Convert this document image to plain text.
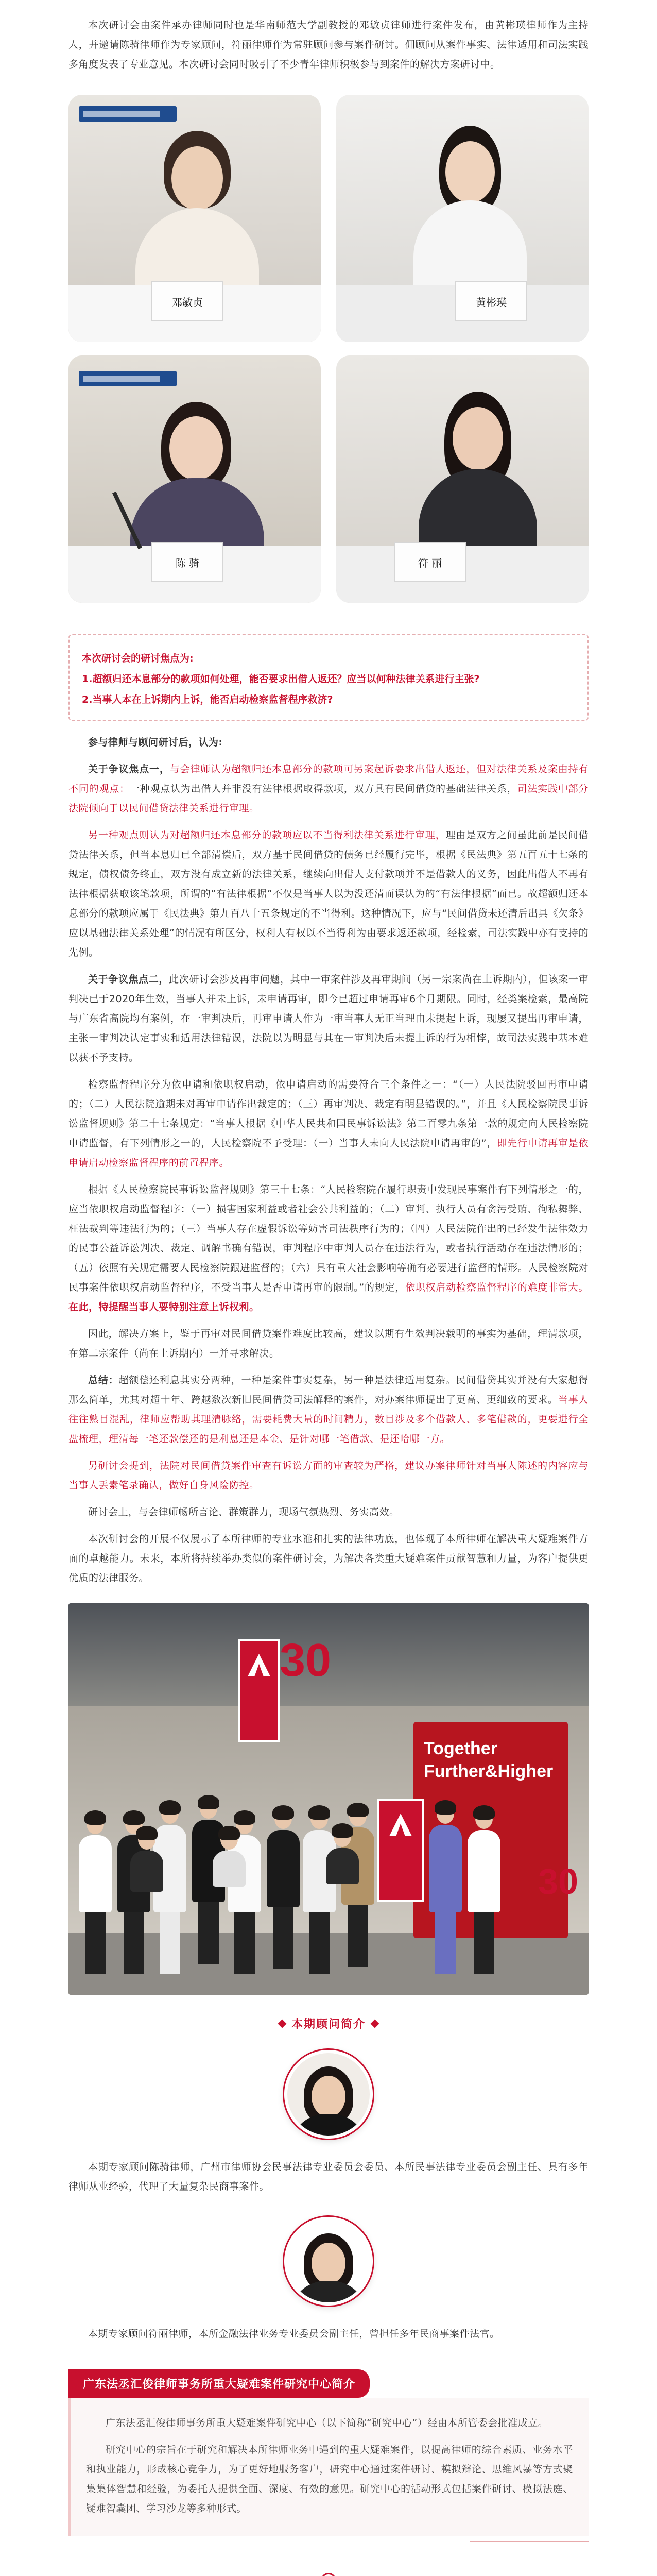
本次研讨会由案件承办律师同时也是华南师范大学副教授的邓敏贞律师进行案件发布，由黄彬瑛律师作为主持人，并邀请陈骑律师作为专家顾问，符丽律师作为常驻顾问参与案件研讨。佣顾问从案件事实、法律适用和司法实践多角度发表了专业意见。本次研讨会同时吸引了不少青年律师积极参与到案件的解决方案研讨中。

邓敏贞	黄彬瑛
陈 骑	符 丽

本次研讨会的研讨焦点为:

1.超额归还本息部分的款项如何处理，能否要求出借人返还？应当以何种法律关系进行主张?

2.当事人本在上诉期内上诉，能否启动检察监督程序救济?

参与律师与顾问研讨后，认为:

关于争议焦点一，与会律师认为超额归还本息部分的款项可另案起诉要求出借人返还，但对法律关系及案由持有不同的观点：一种观点认为出借人并非没有法律根据取得款项，双方具有民间借贷的基础法律关系，司法实践中部分法院倾向于以民间借贷法律关系进行审理。

另一种观点则认为对超额归还本息部分的款项应以不当得利法律关系进行审理，理由是双方之间虽此前是民间借贷法律关系，但当本息归已全部清偿后，双方基于民间借贷的债务已经履行完毕，根据《民法典》第五百五十七条的规定，债权债务终止，双方没有成立新的法律关系，继续向出借人支付款项并不是借款人的义务，因此出借人不再有法律根据获取该笔款项，所谓的“有法律根据”不仅是当事人以为没还清而误认为的“有法律根据”而已。故超额归还本息部分的款项应属于《民法典》第九百八十五条规定的不当得利。这种情况下，应与“民间借贷未还清后出具《欠条》应以基础法律关系处理”的情况有所区分，权利人有权以不当得利为由要求返还款项，经检索，司法实践中亦有支持的先例。

关于争议焦点二，此次研讨会涉及再审问题，其中一审案件涉及再审期间（另一宗案尚在上诉期内），但该案一审判决已于2020年生效，当事人并未上诉，未申请再审，即今已超过申请再审6个月期限。同时，经类案检索，最高院与广东省高院均有案例，在一审判决后，再审申请人作为一审当事人无正当理由未提起上诉，现屡又提出再审申请，主张一审判决认定事实和适用法律错误，法院以为明显与其在一审判决后未提上诉的行为相悖，故司法实践中基本难以获不予支持。

检察监督程序分为依申请和依职权启动，依申请启动的需要符合三个条件之一：“（一）人民法院驳回再审申请的；（二）人民法院逾期未对再审申请作出裁定的；（三）再审判决、裁定有明显错误的。”，并且《人民检察院民事诉讼监督规则》第二十七条规定：“当事人根据《中华人民共和国民事诉讼法》第二百零九条第一款的规定向人民检察院申请监督，有下列情形之一的，人民检察院不予受理：（一）当事人未向人民法院申请再审的”，即先行申请再审是依申请启动检察监督程序的前置程序。

根据《人民检察院民事诉讼监督规则》第三十七条：“人民检察院在履行职责中发现民事案件有下列情形之一的，应当依职权启动监督程序：（一）损害国家利益或者社会公共利益的；（二）审判、执行人员有贪污受贿、徇私舞弊、枉法裁判等违法行为的；（三）当事人存在虚假诉讼等妨害司法秩序行为的；（四）人民法院作出的已经发生法律效力的民事公益诉讼判决、裁定、调解书确有错误，审判程序中审判人员存在违法行为，或者执行活动存在违法情形的；（五）依照有关规定需要人民检察院跟进监督的；（六）具有重大社会影响等确有必要进行监督的情形。人民检察院对民事案件依职权启动监督程序，不受当事人是否申请再审的限制。”的规定，依职权启动检察监督程序的难度非常大。在此，特提醒当事人要特别注意上诉权利。

因此，解决方案上，鉴于再审对民间借贷案件难度比较高，建议以期有生效判决载明的事实为基础，理清款项，在第二宗案件（尚在上诉期内）一并寻求解决。

总结：超额偿还利息其实分两种，一种是案件事实复杂，另一种是法律适用复杂。民间借贷其实并没有大家想得那么简单，尤其对超十年、跨越数次新旧民间借贷司法解释的案件，对办案律师提出了更高、更细致的要求。当事人往往熟目混乱，律师应帮助其理清脉络，需要耗费大量的时间精力，数目涉及多个借款人、多笔借款的，更要进行全盘梳理，理清每一笔还款偿还的是利息还是本金、是针对哪一笔借款、是还哈哪一方。

另研讨会提到，法院对民间借贷案件审查有诉讼方面的审查较为严格，建议办案律师针对当事人陈述的内容应与当事人丢素笔录确认，做好自身风险防控。

研讨会上，与会律师畅所言论、群策群力，现场气氛热烈、务实高效。

本次研讨会的开展不仅展示了本所律师的专业水准和扎实的法律功底，也体现了本所律师在解决重大疑难案件方面的卓越能力。未来，本所将持续举办类似的案件研讨会，为解决各类重大疑难案件贡献智慧和力量，为客户提供更优质的法律服务。

Together
Further&Higher
30
30
本期顾问简介

本期专家顾问陈骑律师，广州市律师协会民事法律专业委员会委员、本所民事法律专业委员会副主任、具有多年律师从业经验，代理了大量复杂民商事案件。

本期专家顾问符丽律师，本所金融法律业务专业委员会副主任，曾担任多年民商事案件法官。

广东法丞汇俊律师事务所重大疑难案件研究中心简介

广东法丞汇俊律师事务所重大疑难案件研究中心（以下简称“研究中心”）经由本所管委会批准成立。

研究中心的宗旨在于研究和解决本所律师业务中遇到的重大疑难案件，以提高律师的综合素质、业务水平和执业能力，形成核心竞争力，为了更好地服务客户，研究中心通过案件研讨、模拟辩论、思维风暴等方式聚集集体智慧和经验，为委托人提供全面、深度、有效的意见。研究中心的活动形式包括案件研讨、模拟法庭、疑难智囊团、学习沙龙等多种形式。
